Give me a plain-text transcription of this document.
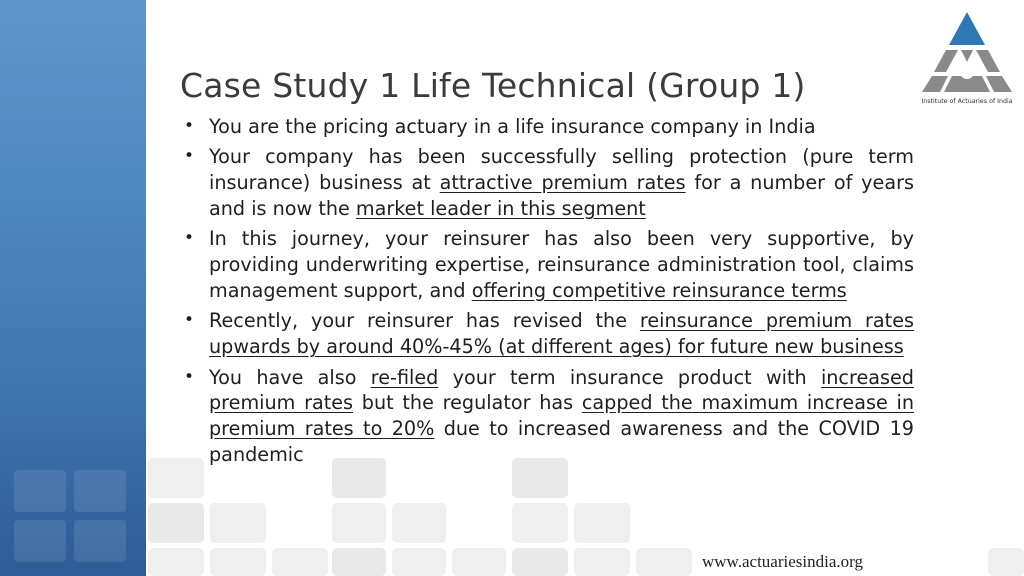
Case Study 1 Life Technical (Group 1)	Institute of Actuaries of India
• You are the pricing actuary in a life insurance company in India
• Your company has been successfully selling protection (pure term insurance) business at attractive premium rates for a number of years and is now the market leader in this segment
• In this journey, your reinsurer has also been very supportive, by providing underwriting expertise, reinsurance administration tool, claims management support, and offering competitive reinsurance terms
• Recently, your reinsurer has revised the reinsurance premium rates upwards by around 40%-45% (at different ages) for future new business
• You have also re-filed your term insurance product with increased premium rates but the regulator has capped the maximum increase in premium rates to 20% due to increased awareness and the COVID 19 pandemic
www.actuariesindia.org
